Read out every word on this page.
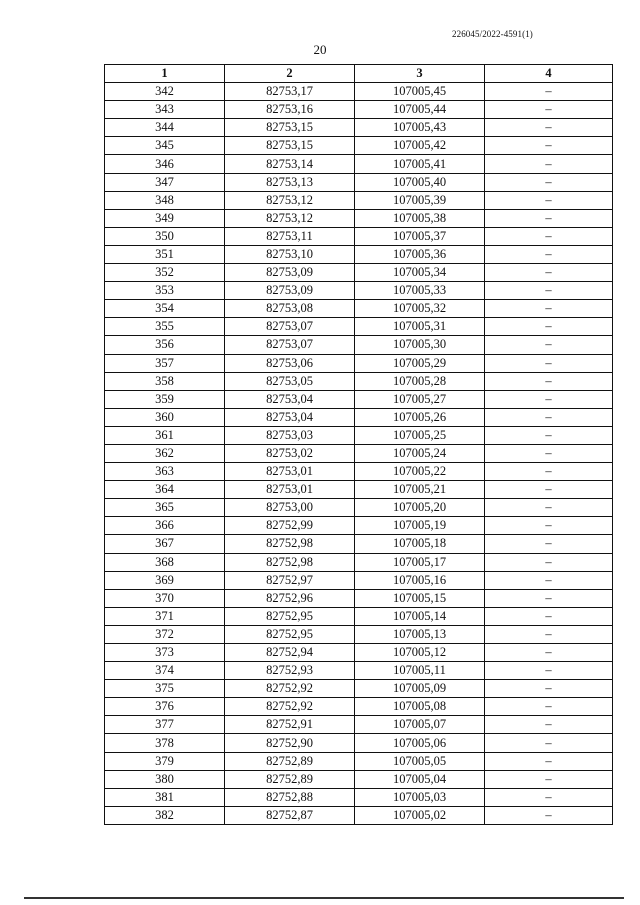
226045/2022-4591(1)
20
1	2	3	4
342	82753,17	107005,45	–
343	82753,16	107005,44	–
344	82753,15	107005,43	–
345	82753,15	107005,42	–
346	82753,14	107005,41	–
347	82753,13	107005,40	–
348	82753,12	107005,39	–
349	82753,12	107005,38	–
350	82753,11	107005,37	–
351	82753,10	107005,36	–
352	82753,09	107005,34	–
353	82753,09	107005,33	–
354	82753,08	107005,32	–
355	82753,07	107005,31	–
356	82753,07	107005,30	–
357	82753,06	107005,29	–
358	82753,05	107005,28	–
359	82753,04	107005,27	–
360	82753,04	107005,26	–
361	82753,03	107005,25	–
362	82753,02	107005,24	–
363	82753,01	107005,22	–
364	82753,01	107005,21	–
365	82753,00	107005,20	–
366	82752,99	107005,19	–
367	82752,98	107005,18	–
368	82752,98	107005,17	–
369	82752,97	107005,16	–
370	82752,96	107005,15	–
371	82752,95	107005,14	–
372	82752,95	107005,13	–
373	82752,94	107005,12	–
374	82752,93	107005,11	–
375	82752,92	107005,09	–
376	82752,92	107005,08	–
377	82752,91	107005,07	–
378	82752,90	107005,06	–
379	82752,89	107005,05	–
380	82752,89	107005,04	–
381	82752,88	107005,03	–
382	82752,87	107005,02	–
